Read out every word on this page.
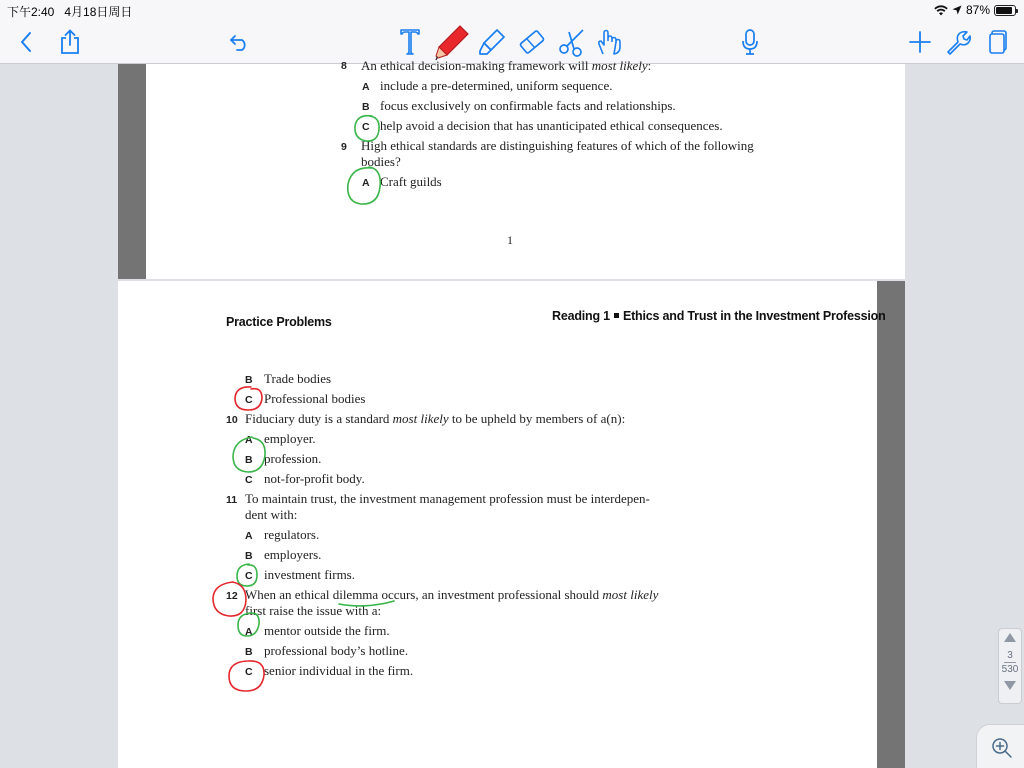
下午2:40 4月18日周日	87%
8 An ethical decision-making framework will most likely:
A include a pre-determined, uniform sequence.
B focus exclusively on confirmable facts and relationships.
C help avoid a decision that has unanticipated ethical consequences.
9 High ethical standards are distinguishing features of which of the following
bodies?
A Craft guilds
1
Practice Problems	Reading 1 Ethics and Trust in the Investment Profession
B Trade bodies
C Professional bodies
10 Fiduciary duty is a standard most likely to be upheld by members of a(n):
A employer.
B profession.
C not-for-profit body.
11 To maintain trust, the investment management profession must be interdepen-
dent with:
A regulators.
B employers.
C investment firms.
12 When an ethical dilemma occurs, an investment professional should most likely
first raise the issue with a:
A mentor outside the firm.
B professional body’s hotline.
C senior individual in the firm.
3
530
